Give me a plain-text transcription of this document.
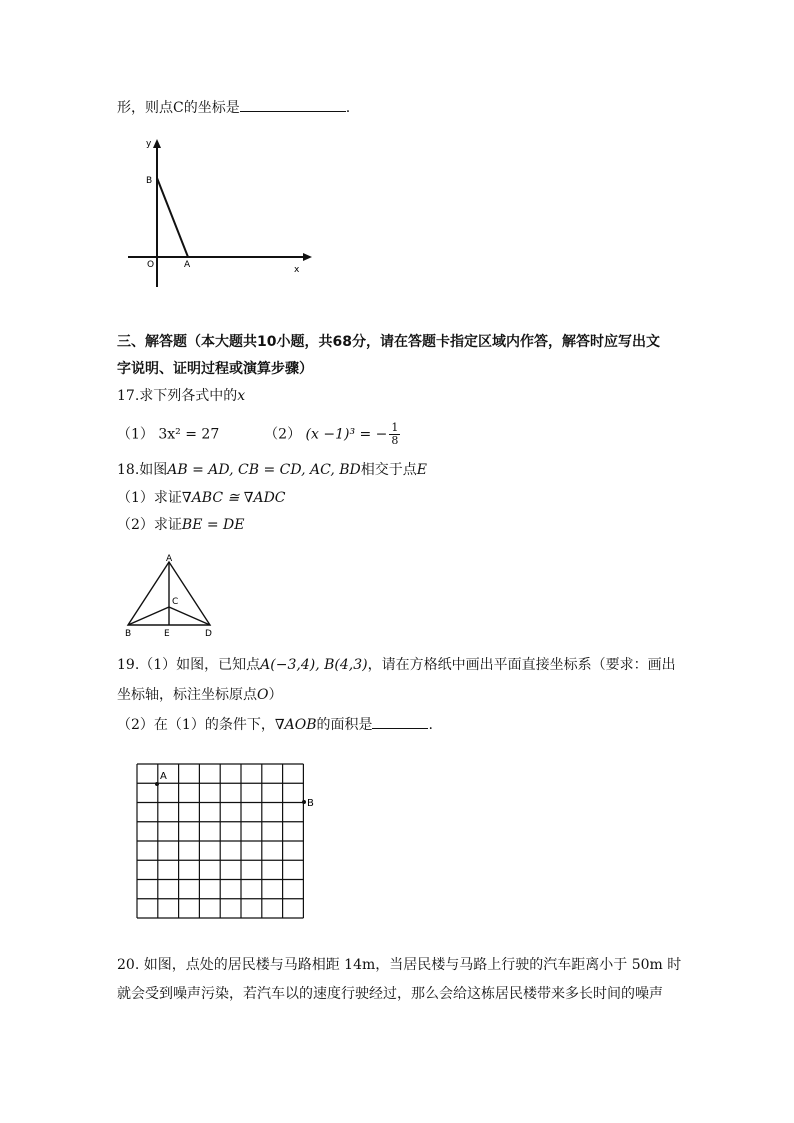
形，则点C的坐标是	.
y
x
B
O	A
三、解答题（本大题共10小题，共68分，请在答题卡指定区域内作答，解答时应写出文
字说明、证明过程或演算步骤）
17.求下列各式中的x
（1） 3x² = 27	（2） (x −1)³ = − $\frac{1}{8}$
18.如图AB = AD, CB = CD, AC, BD相交于点E
（1）求证∇ABC ≅ ∇ADC
（2）求证BE = DE
A
C
B	E	D
19.（1）如图，已知点A(−3,4), B(4,3)，请在方格纸中画出平面直接坐标系（要求：画出
坐标轴，标注坐标原点O）
（2）在（1）的条件下，∇AOB的面积是	.
A
B
20. 如图，点处的居民楼与马路相距 14m，当居民楼与马路上行驶的汽车距离小于 50m 时
就会受到噪声污染，若汽车以的速度行驶经过，那么会给这栋居民楼带来多长时间的噪声
